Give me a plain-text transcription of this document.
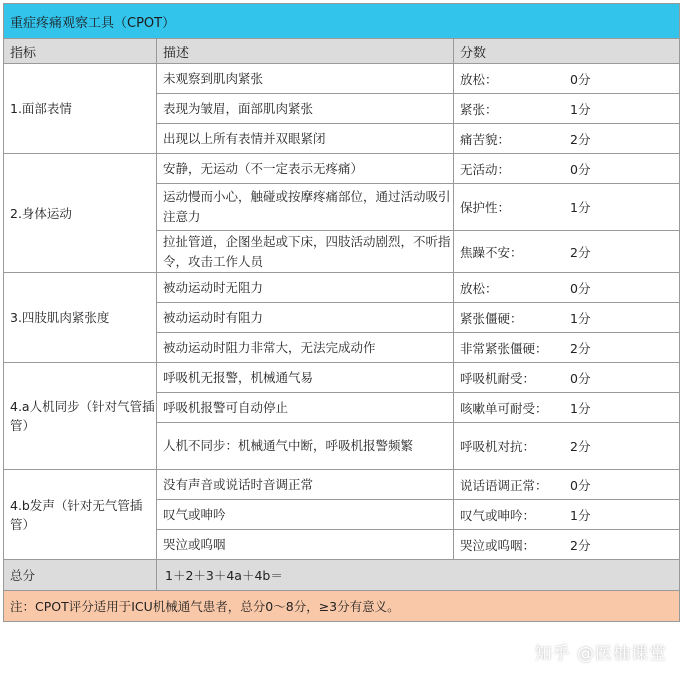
重症疼痛观察工具（CPOT）		
指标	描述	分数
1.面部表情	未观察到肌肉紧张	放松： 0分

	表现为皱眉，面部肌肉紧张	紧张： 1分

	出现以上所有表情并双眼紧闭	痛苦貌： 2分

2.身体运动	安静，无运动（不一定表示无疼痛）	无活动： 0分

	运动慢而小心，触碰或按摩疼痛部位，通过活动吸引注意力	保护性： 1分

	拉扯管道，企图坐起或下床，四肢活动剧烈，不听指令，攻击工作人员	焦躁不安： 2分

3.四肢肌肉紧张度	被动运动时无阻力	放松： 0分

	被动运动时有阻力	紧张僵硬： 1分

	被动运动时阻力非常大，无法完成动作	非常紧张僵硬： 2分

4.a人机同步（针对气管插管）	呼吸机无报警，机械通气易	呼吸机耐受： 0分

	呼吸机报警可自动停止	咳嗽单可耐受： 1分

	人机不同步：机械通气中断，呼吸机报警频繁	呼吸机对抗： 2分

4.b发声（针对无气管插管）	没有声音或说话时音调正常	说话语调正常： 0分

	叹气或呻吟	叹气或呻吟： 1分

	哭泣或呜咽	哭泣或呜咽： 2分

总分	1＋2＋3＋4a＋4b＝	
注：CPOT评分适用于ICU机械通气患者，总分0～8分，≥3分有意义。		
知乎 @医柚课堂
